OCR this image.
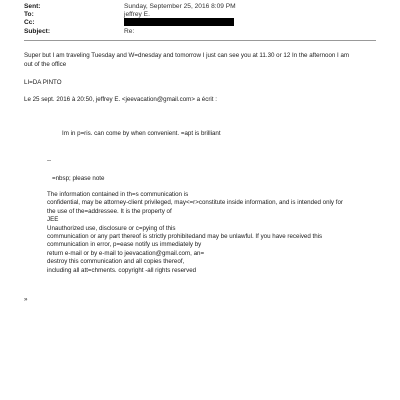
Sent:	Sunday, September 25, 2016 8:09 PM
To:	jeffrey E.
Cc:
Subject:	Re:
Super but I am traveling Tuesday and W=dnesday and tomorrow I just can see you at 11.30 or 12 In the afternoon I am
out of the office
LI=DA PINTO
Le 25 sept. 2016 à 20:50, jeffrey E. <jeevacation@gmail.com> a écrit :
Im in p=ris. can come by when convenient. =apt is brilliant
--
=nbsp; please note
The information contained in th=s communication is
confidential, may be attorney-client privileged, may<=r>constitute inside information, and is intended only for
the use of the=addressee. It is the property of
JEE
Unauthorized use, disclosure or c=pying of this
communication or any part thereof is strictly prohibitedand may be unlawful. If you have received this
communication in error, p=ease notify us immediately by
return e-mail or by e-mail to jeevacation@gmail.com, an=
destroy this communication and all copies thereof,
including all att=chments. copyright -all rights reserved
»
